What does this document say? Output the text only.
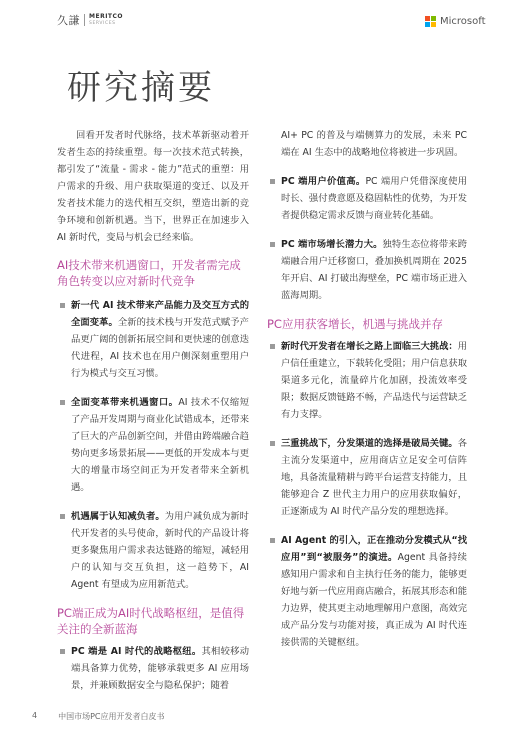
久謙 MERITCO
SERVICES	Microsoft
研究摘要

回看开发者时代脉络，技术革新驱动着开发者生态的持续重塑。每一次技术范式转换，都引发了“流量 - 需求 - 能力”范式的重塑：用户需求的升级、用户获取渠道的变迁、以及开发者技术能力的迭代相互交织，塑造出新的竞争环境和创新机遇。当下，世界正在加速步入 AI 新时代，变局与机会已经来临。

AI技术带来机遇窗口，开发者需完成角色转变以应对新时代竞争

新一代 AI 技术带来产品能力及交互方式的全面变革。全新的技术栈与开发范式赋予产品更广阔的创新拓展空间和更快速的创意迭代进程，AI 技术也在用户侧深刻重塑用户行为模式与交互习惯。

全面变革带来机遇窗口。AI 技术不仅缩短了产品开发周期与商业化试错成本，还带来了巨大的产品创新空间，并借由跨端融合趋势向更多场景拓展——更低的开发成本与更大的增量市场空间正为开发者带来全新机遇。

机遇属于认知减负者。为用户减负成为新时代开发者的头号使命，新时代的产品设计将更多聚焦用户需求表达链路的缩短，减轻用户的认知与交互负担，这一趋势下，AI Agent 有望成为应用新范式。

PC端正成为AI时代战略枢纽，是值得关注的全新蓝海

PC 端是 AI 时代的战略枢纽。其相较移动端具备算力优势，能够承载更多 AI 应用场景，并兼顾数据安全与隐私保护；随着

AI+ PC 的普及与端侧算力的发展，未来 PC 端在 AI 生态中的战略地位将被进一步巩固。

PC 端用户价值高。PC 端用户凭借深度使用时长、强付费意愿及稳固粘性的优势，为开发者提供稳定需求反馈与商业转化基础。

PC 端市场增长潜力大。独特生态位将带来跨端融合用户迁移窗口，叠加换机周期在 2025 年开启、AI 打破出海壁垒，PC 端市场正进入蓝海周期。

PC应用获客增长，机遇与挑战并存

新时代开发者在增长之路上面临三大挑战：用户信任重建立，下载转化受阻；用户信息获取渠道多元化，流量碎片化加剧，投流效率受限；数据反馈链路不畅，产品迭代与运营缺乏有力支撑。

三重挑战下，分发渠道的选择是破局关键。各主流分发渠道中，应用商店立足安全可信阵地，具备流量精耕与跨平台运营支持能力，且能够迎合 Z 世代主力用户的应用获取偏好，正逐渐成为 AI 时代产品分发的理想选择。

AI Agent 的引入，正在推动分发模式从“找应用”到“被服务”的演进。Agent 具备持续感知用户需求和自主执行任务的能力，能够更好地与新一代应用商店融合，拓展其形态和能力边界，使其更主动地理解用户意图，高效完成产品分发与功能对接，真正成为 AI 时代连接供需的关键枢纽。

4	中国市场PC应用开发者白皮书
